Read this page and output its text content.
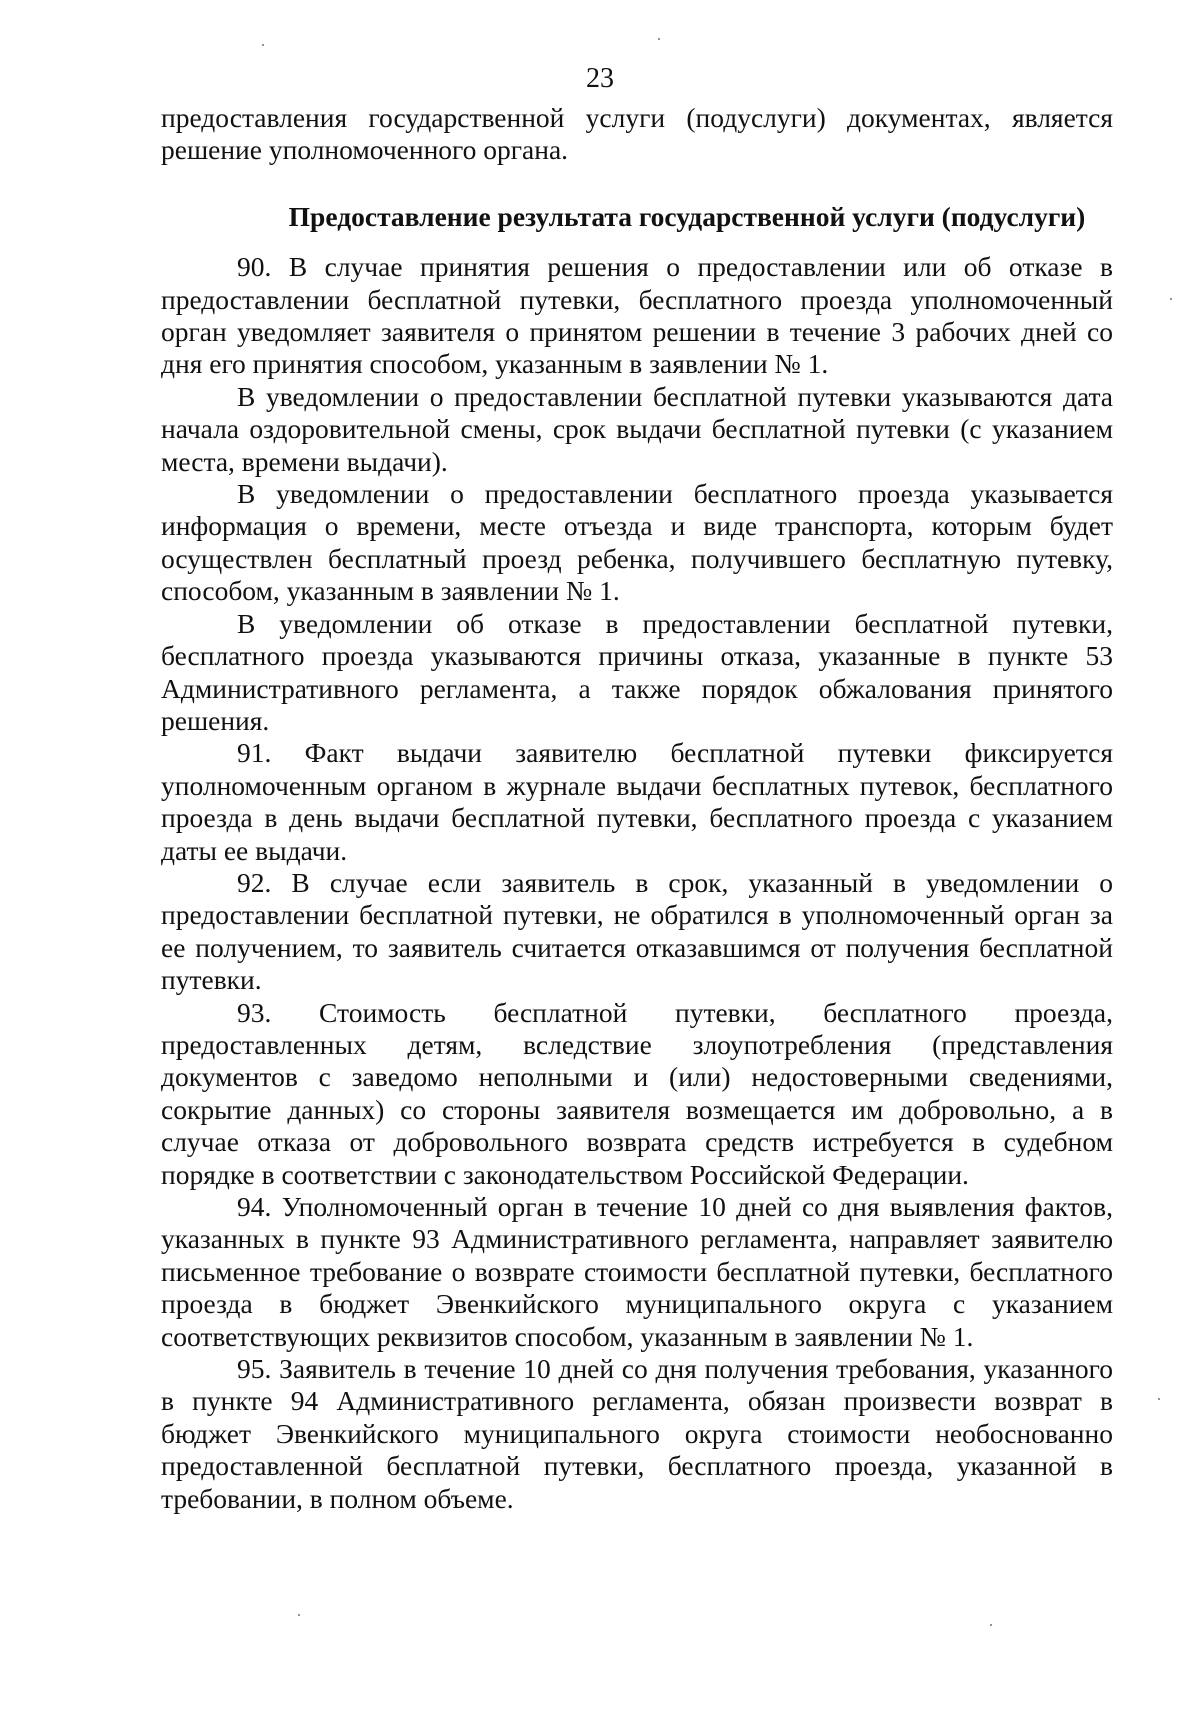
23

предоставления государственной услуги (подуслуги) документах, является решение уполномоченного органа.

Предоставление результата государственной услуги (подуслуги)

90. В случае принятия решения о предоставлении или об отказе в предоставлении бесплатной путевки, бесплатного проезда уполномоченный орган уведомляет заявителя о принятом решении в течение 3 рабочих дней со дня его принятия способом, указанным в заявлении № 1.

В уведомлении о предоставлении бесплатной путевки указываются дата начала оздоровительной смены, срок выдачи бесплатной путевки (с указанием места, времени выдачи).

В уведомлении о предоставлении бесплатного проезда указывается информация о времени, месте отъезда и виде транспорта, которым будет осуществлен бесплатный проезд ребенка, получившего бесплатную путевку, способом, указанным в заявлении № 1.

В уведомлении об отказе в предоставлении бесплатной путевки, бесплатного проезда указываются причины отказа, указанные в пункте 53 Административного регламента, а также порядок обжалования принятого решения.

91. Факт выдачи заявителю бесплатной путевки фиксируется уполномоченным органом в журнале выдачи бесплатных путевок, бесплатного проезда в день выдачи бесплатной путевки, бесплатного проезда с указанием даты ее выдачи.

92. В случае если заявитель в срок, указанный в уведомлении о предоставлении бесплатной путевки, не обратился в уполномоченный орган за ее получением, то заявитель считается отказавшимся от получения бесплатной путевки.

93. Стоимость бесплатной путевки, бесплатного проезда, предоставленных детям, вследствие злоупотребления (представления документов с заведомо неполными и (или) недостоверными сведениями, сокрытие данных) со стороны заявителя возмещается им добровольно, а в случае отказа от добровольного возврата средств истребуется в судебном порядке в соответствии с законодательством Российской Федерации.

94. Уполномоченный орган в течение 10 дней со дня выявления фактов, указанных в пункте 93 Административного регламента, направляет заявителю письменное требование о возврате стоимости бесплатной путевки, бесплатного проезда в бюджет Эвенкийского муниципального округа с указанием соответствующих реквизитов способом, указанным в заявлении № 1.

95. Заявитель в течение 10 дней со дня получения требования, указанного в пункте 94 Административного регламента, обязан произвести возврат в бюджет Эвенкийского муниципального округа стоимости необоснованно предоставленной бесплатной путевки, бесплатного проезда, указанной в требовании, в полном объеме.
